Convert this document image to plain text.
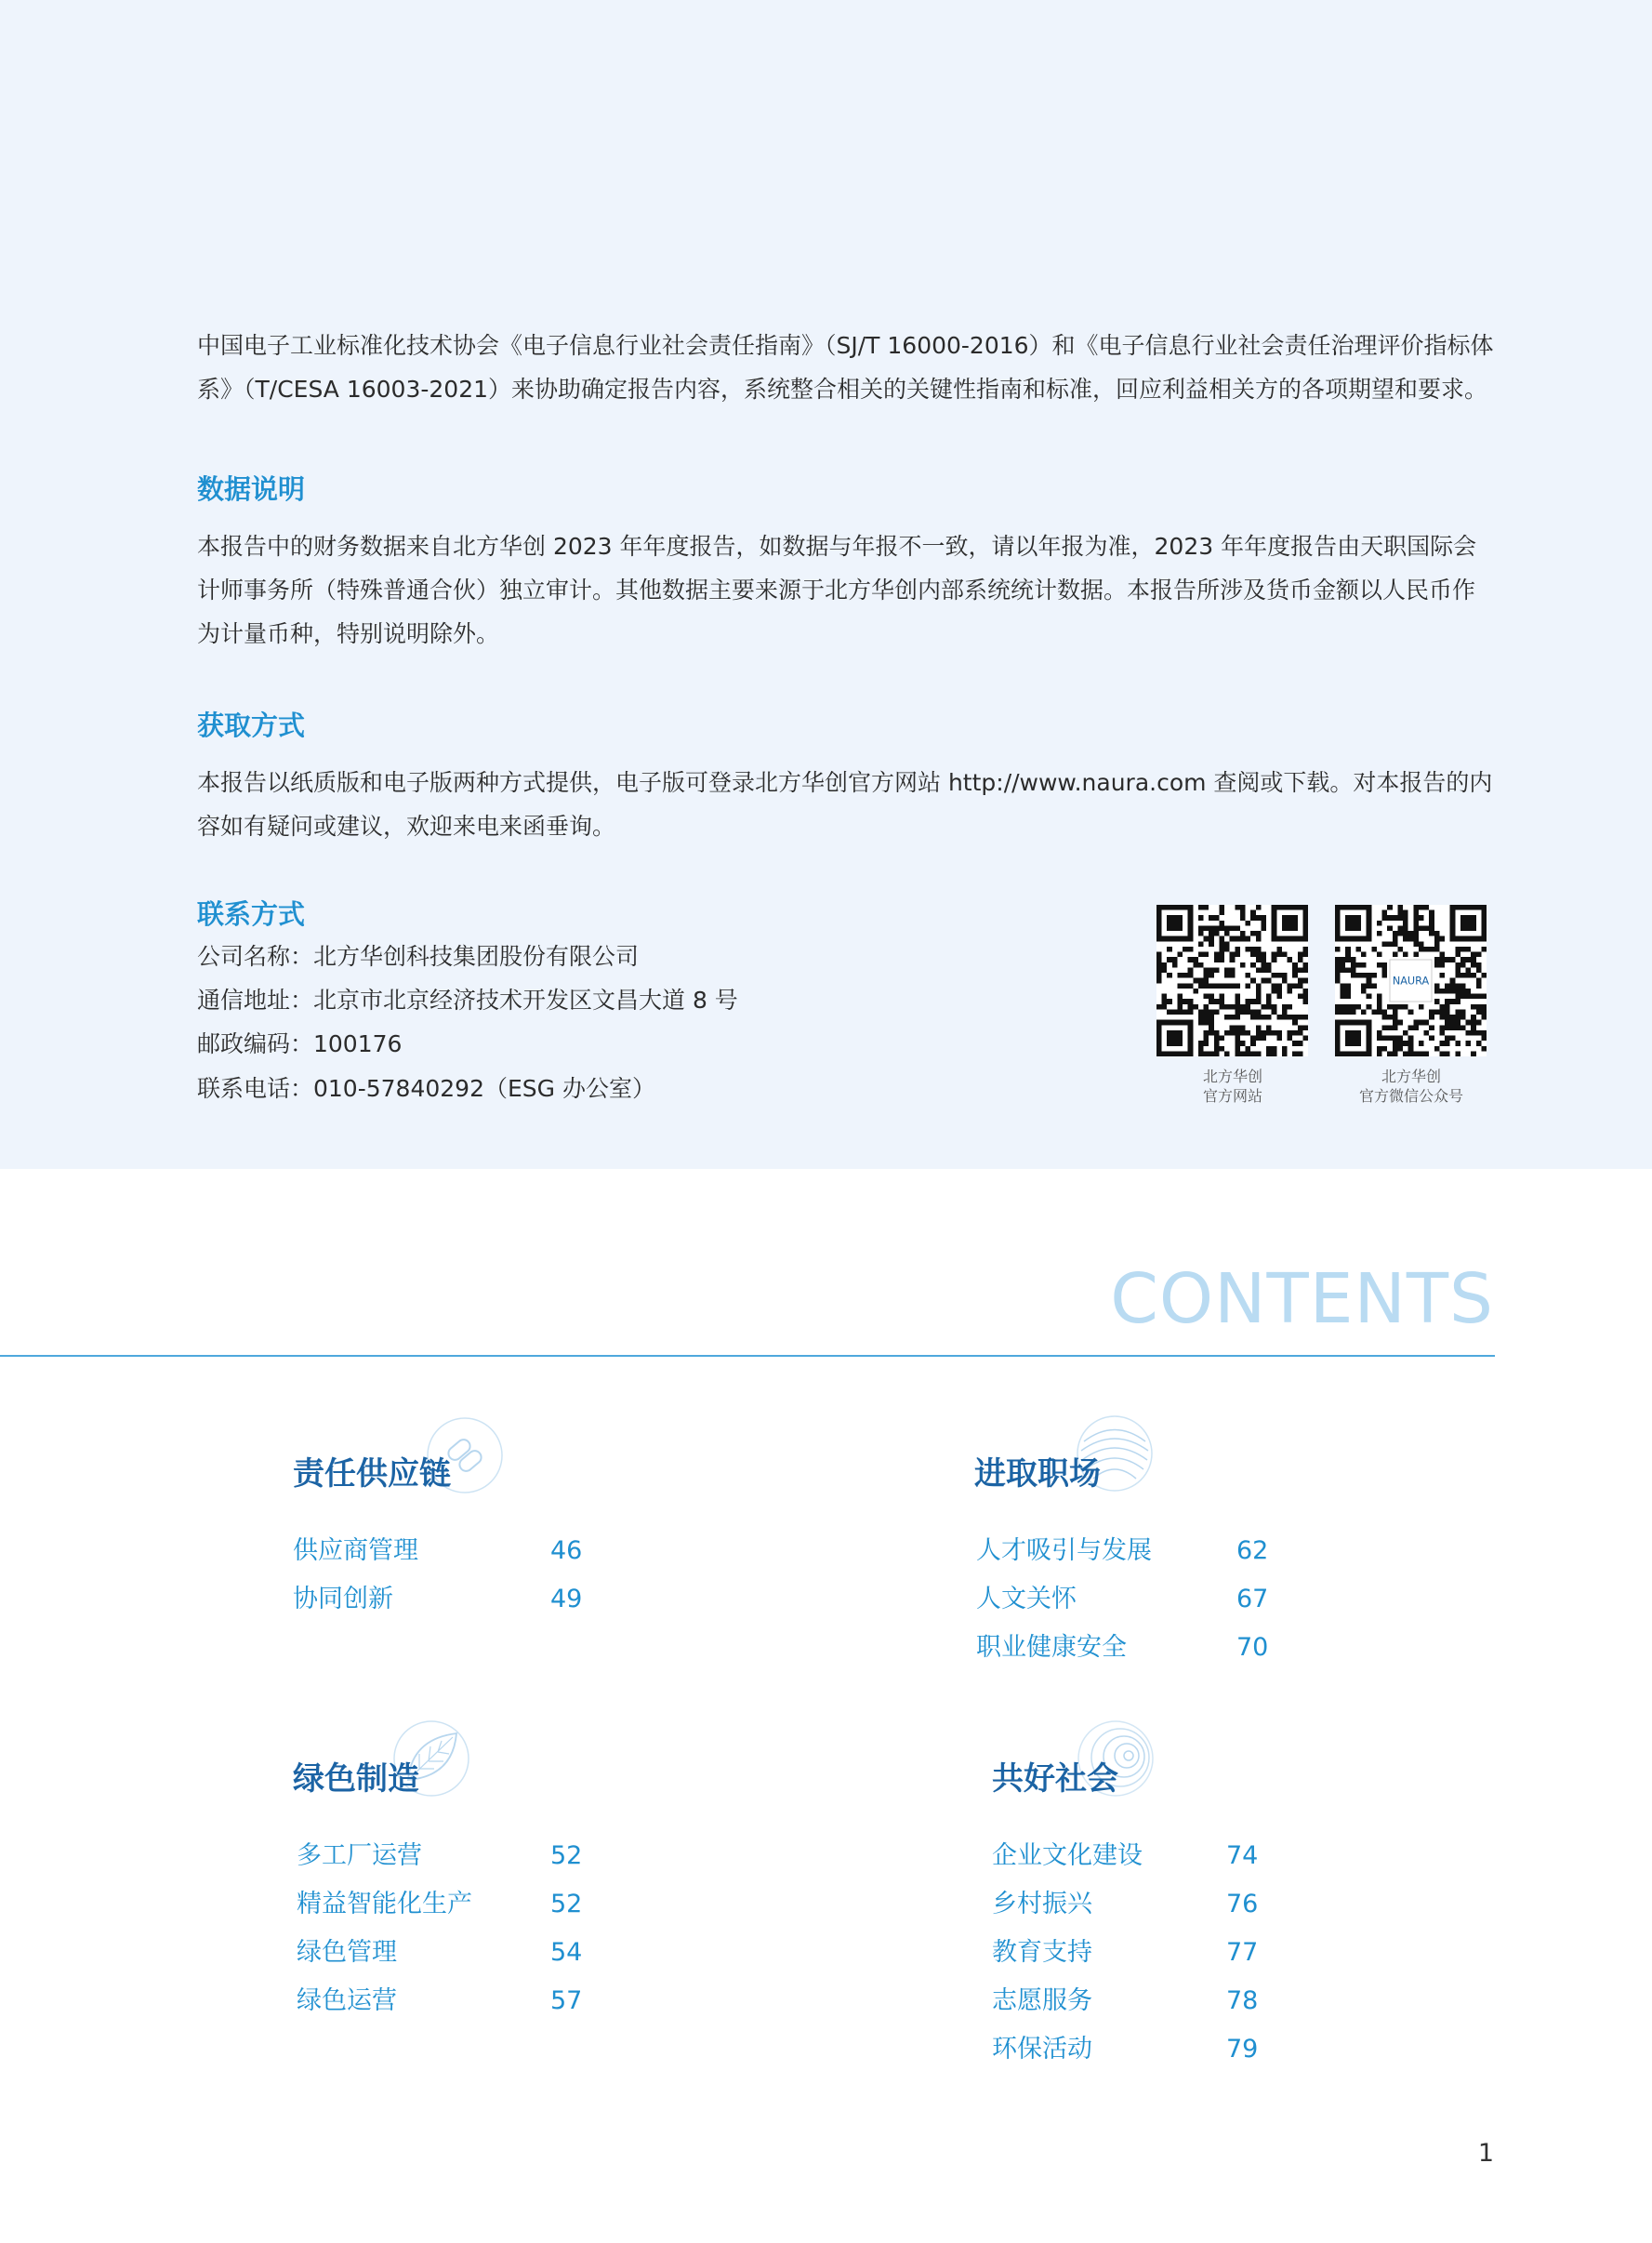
中国电子工业标准化技术协会《电子信息行业社会责任指南》（SJ/T 16000-2016）和《电子信息行业社会责任治理评价指标体系》（T/CESA 16003-2021）来协助确定报告内容，系统整合相关的关键性指南和标准，回应利益相关方的各项期望和要求。

数据说明

本报告中的财务数据来自北方华创 2023 年年度报告，如数据与年报不一致，请以年报为准，2023 年年度报告由天职国际会计师事务所（特殊普通合伙）独立审计。其他数据主要来源于北方华创内部系统统计数据。本报告所涉及货币金额以人民币作为计量币种，特别说明除外。

获取方式

本报告以纸质版和电子版两种方式提供，电子版可登录北方华创官方网站 http://www.naura.com 查阅或下载。对本报告的内容如有疑问或建议，欢迎来电来函垂询。

联系方式
公司名称：北方华创科技集团股份有限公司
通信地址：北京市北京经济技术开发区文昌大道 8 号
邮政编码：100176
联系电话：010-57840292（ESG 办公室）
NAURA
北方华创
官方网站
北方华创
官方微信公众号
CONTENTS
责任供应链
供应商管理	46
协同创新	49
进取职场
人才吸引与发展	62
人文关怀	67
职业健康安全	70
绿色制造
多工厂运营	52
精益智能化生产	52
绿色管理	54
绿色运营	57
共好社会
企业文化建设	74
乡村振兴	76
教育支持	77
志愿服务	78
环保活动	79
1
